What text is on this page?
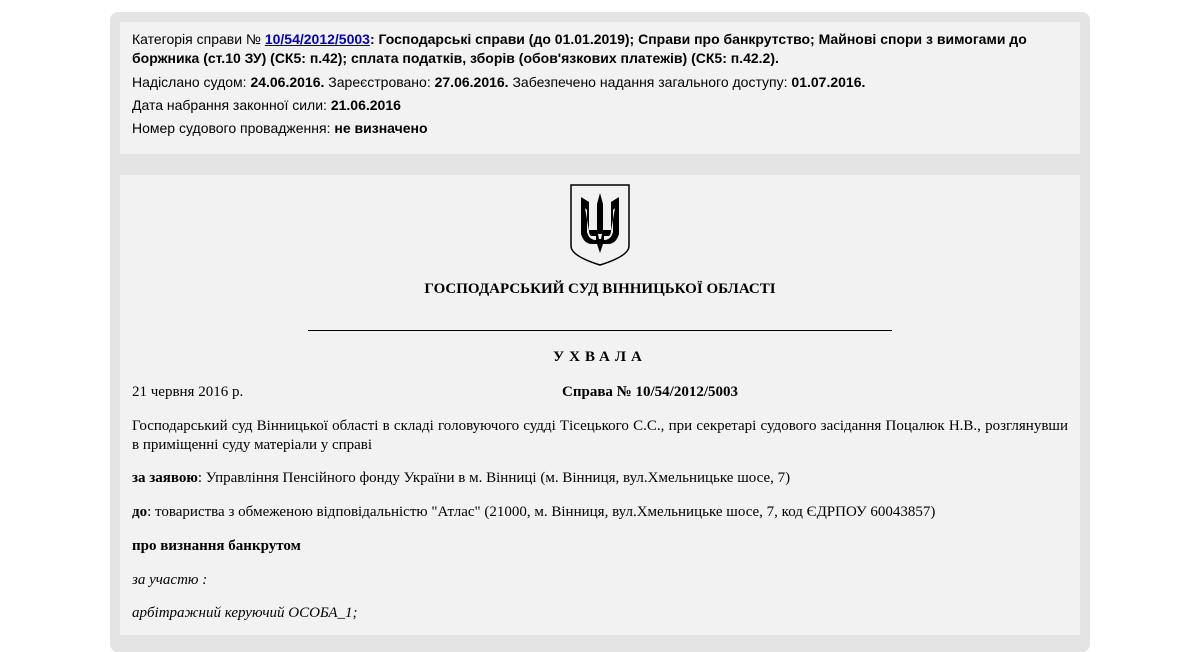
Категорія справи № 10/54/2012/5003: Господарські справи (до 01.01.2019); Справи про банкрутство; Майнові спори з вимогами до боржника (ст.10 ЗУ) (СК5: п.42); сплата податків, зборів (обов'язкових платежів) (СК5: п.42.2).
Надіслано судом: 24.06.2016. Зареєстровано: 27.06.2016. Забезпечено надання загального доступу: 01.07.2016.
Дата набрання законної сили: 21.06.2016
Номер судового провадження: не визначено
ГОСПОДАРСЬКИЙ СУД ВІННИЦЬКОЇ ОБЛАСТІ
УХВАЛА
21 червня 2016 р.	Справа № 10/54/2012/5003
Господарський суд Вінницької області в складі головуючого судді Тісецького С.С., при секретарі судового засідання Поцалюк Н.В., розглянувши в приміщенні суду матеріали у справі
за заявою: Управління Пенсійного фонду України в м. Вінниці (м. Вінниця, вул.Хмельницьке шосе, 7)
до: товариства з обмеженою відповідальністю "Атлас" (21000, м. Вінниця, вул.Хмельницьке шосе, 7, код ЄДРПОУ 60043857)
про визнання банкрутом
за участю :
арбітражний керуючий ОСОБА_1;
